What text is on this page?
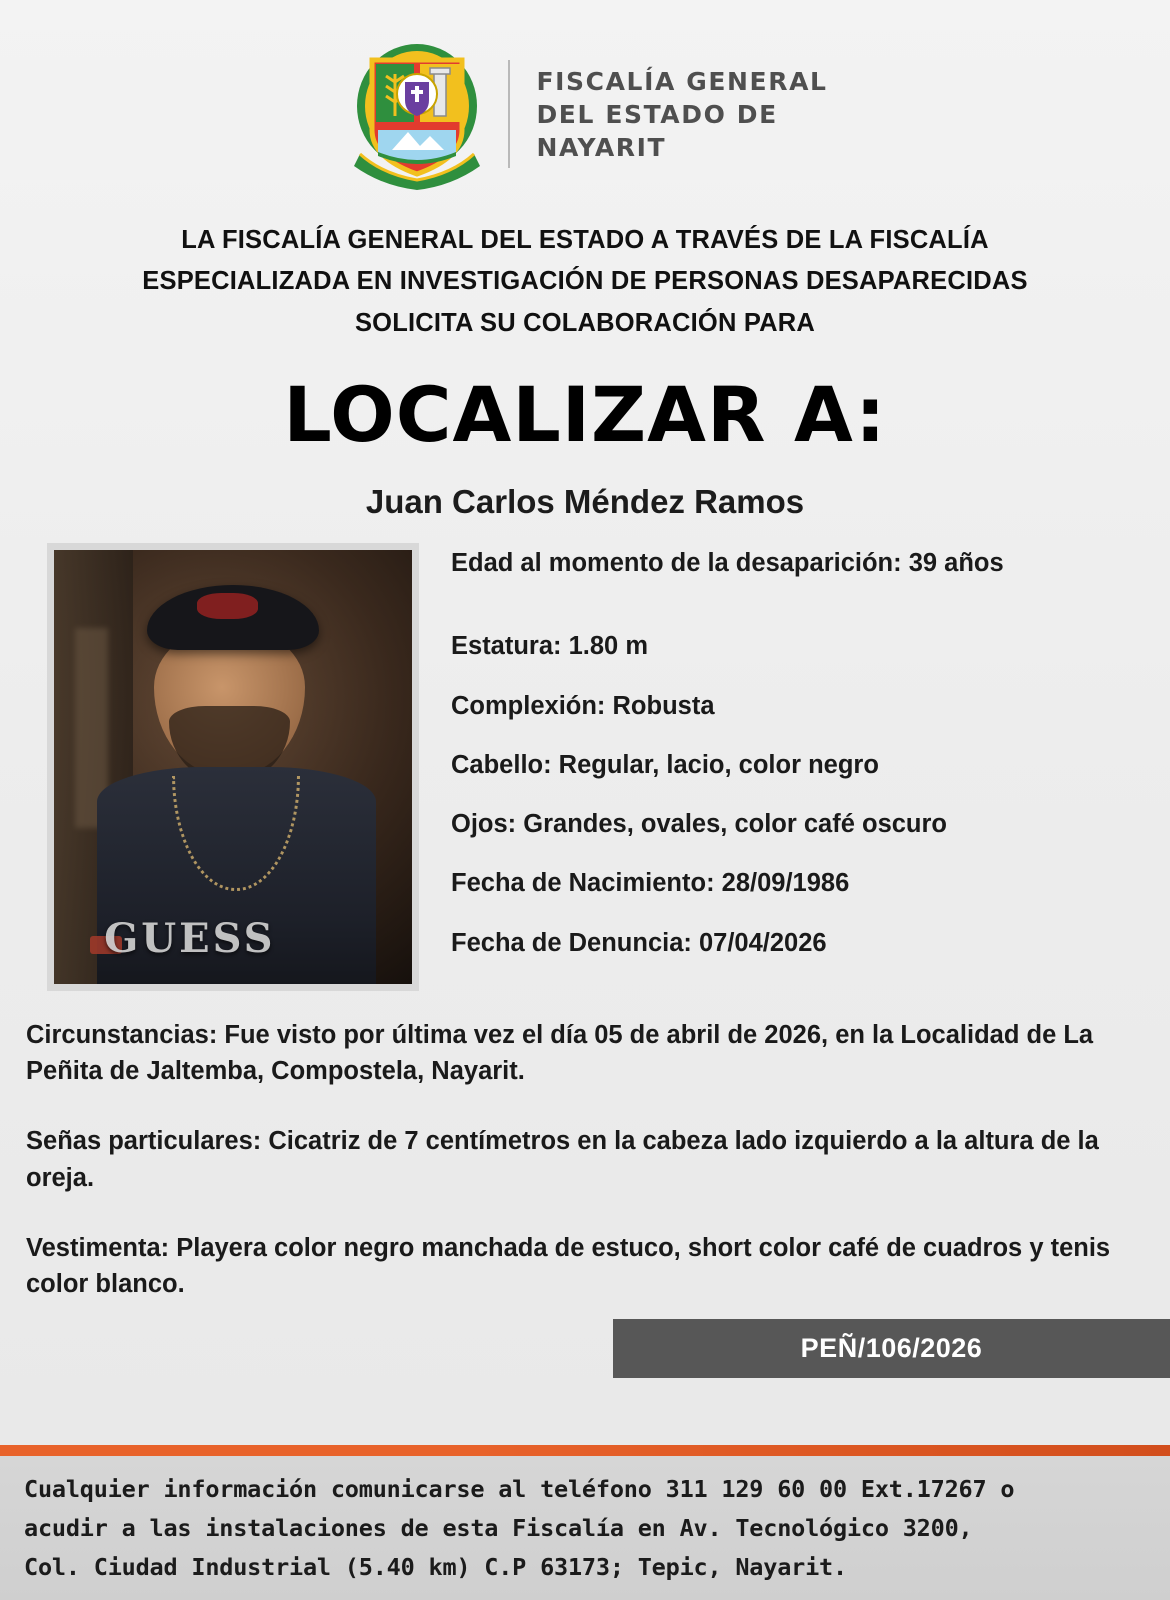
FISCALÍA GENERAL
DEL ESTADO DE
NAYARIT
LA FISCALÍA GENERAL DEL ESTADO A TRAVÉS DE LA FISCALÍA
ESPECIALIZADA EN INVESTIGACIÓN DE PERSONAS DESAPARECIDAS
SOLICITA SU COLABORACIÓN PARA
LOCALIZAR A:
Juan Carlos Méndez Ramos
GUESS
Edad al momento de la desaparición: 39 años
Estatura: 1.80 m
Complexión: Robusta
Cabello: Regular, lacio, color negro
Ojos: Grandes, ovales, color café oscuro
Fecha de Nacimiento: 28/09/1986
Fecha de Denuncia: 07/04/2026
Circunstancias: Fue visto por última vez el día 05 de abril de 2026, en la Localidad de La Peñita de Jaltemba, Compostela, Nayarit.
Señas particulares: Cicatriz de 7 centímetros en la cabeza lado izquierdo a la altura de la oreja.
Vestimenta: Playera color negro manchada de estuco, short color café de cuadros y tenis color blanco.
PEÑ/106/2026
Cualquier información comunicarse al teléfono 311 129 60 00 Ext.17267 o
acudir a las instalaciones de esta Fiscalía en Av. Tecnológico 3200,
Col. Ciudad Industrial (5.40 km) C.P 63173; Tepic, Nayarit.
